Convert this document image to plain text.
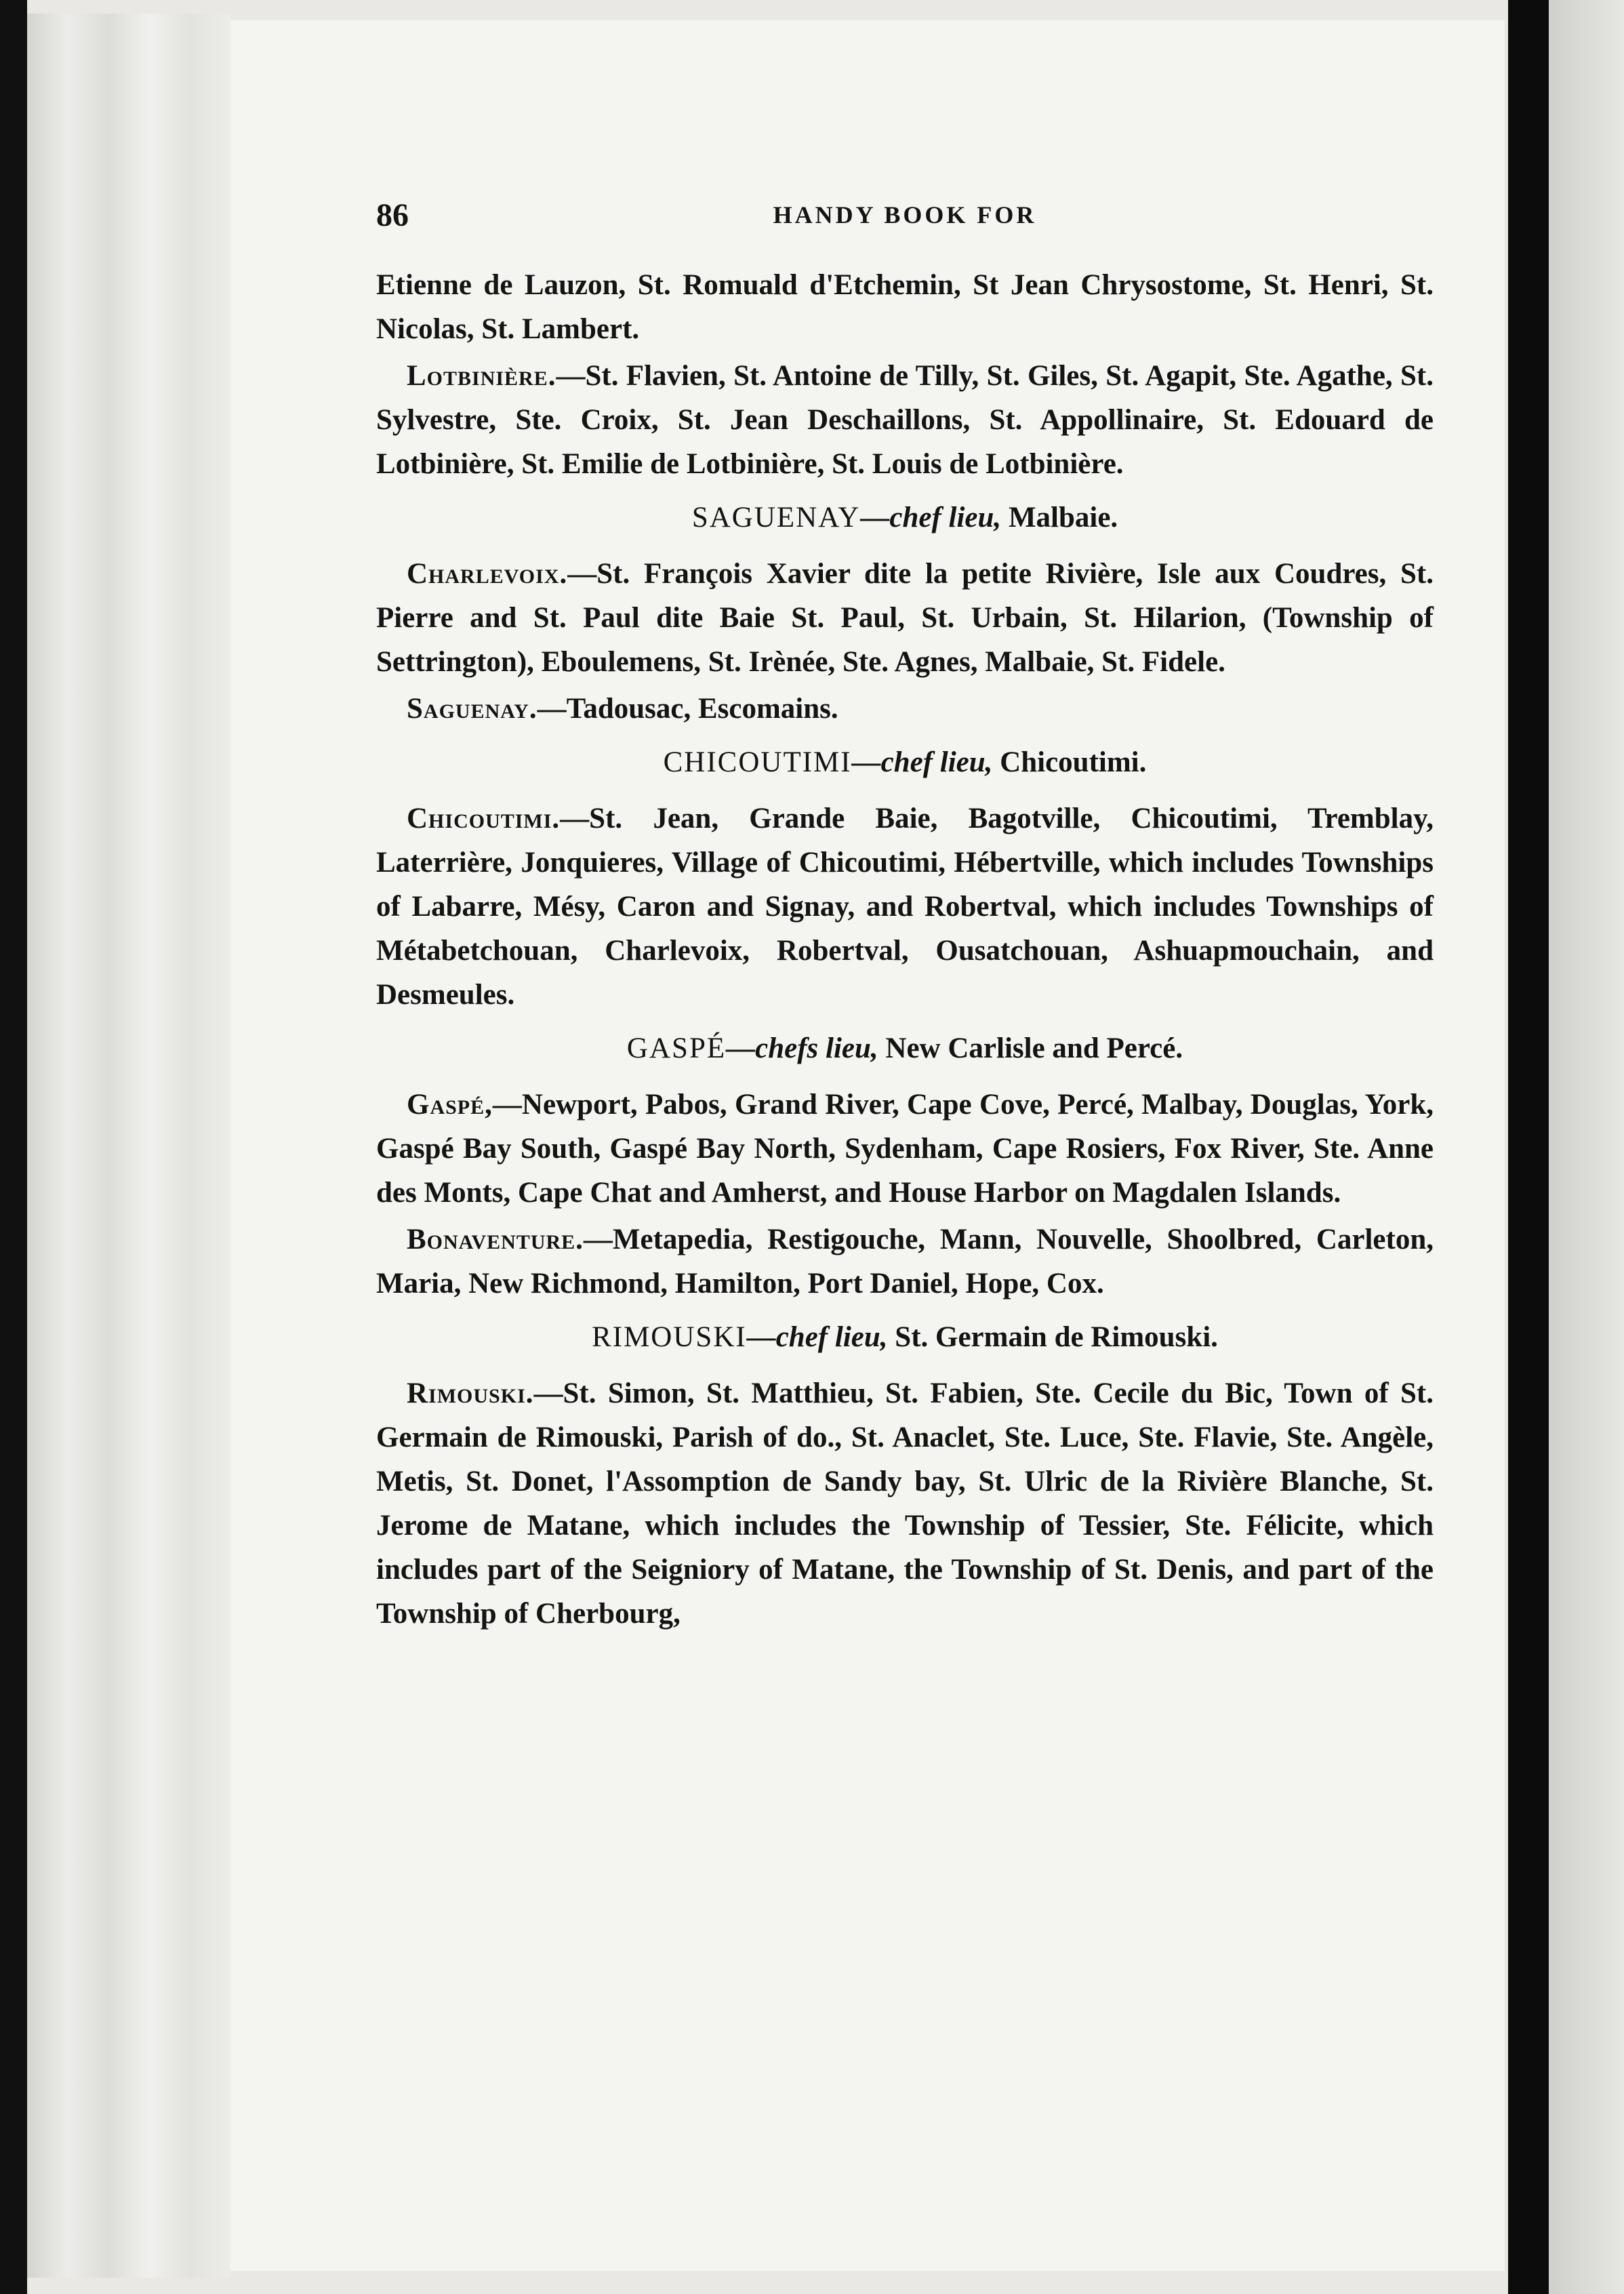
86	HANDY BOOK FOR

Etienne de Lauzon, St. Romuald d'Etchemin, St Jean Chrysostome, St. Henri, St. Nicolas, St. Lambert.

Lotbinière.—St. Flavien, St. Antoine de Tilly, St. Giles, St. Agapit, Ste. Agathe, St. Sylvestre, Ste. Croix, St. Jean Deschaillons, St. Appollinaire, St. Edouard de Lotbinière, St. Emilie de Lotbinière, St. Louis de Lotbinière.

SAGUENAY—chef lieu, Malbaie.

Charlevoix.—St. François Xavier dite la petite Rivière, Isle aux Coudres, St. Pierre and St. Paul dite Baie St. Paul, St. Urbain, St. Hilarion, (Township of Settrington), Eboulemens, St. Irènée, Ste. Agnes, Malbaie, St. Fidele.

Saguenay.—Tadousac, Escomains.

CHICOUTIMI—chef lieu, Chicoutimi.

Chicoutimi.—St. Jean, Grande Baie, Bagotville, Chicoutimi, Tremblay, Laterrière, Jonquieres, Village of Chicoutimi, Hébertville, which includes Townships of Labarre, Mésy, Caron and Signay, and Robertval, which includes Townships of Métabetchouan, Charlevoix, Robertval, Ousatchouan, Ashuapmouchain, and Desmeules.

GASPÉ—chefs lieu, New Carlisle and Percé.

Gaspé,—Newport, Pabos, Grand River, Cape Cove, Percé, Malbay, Douglas, York, Gaspé Bay South, Gaspé Bay North, Sydenham, Cape Rosiers, Fox River, Ste. Anne des Monts, Cape Chat and Amherst, and House Harbor on Magdalen Islands.

Bonaventure.—Metapedia, Restigouche, Mann, Nouvelle, Shoolbred, Carleton, Maria, New Richmond, Hamilton, Port Daniel, Hope, Cox.

RIMOUSKI—chef lieu, St. Germain de Rimouski.

Rimouski.—St. Simon, St. Matthieu, St. Fabien, Ste. Cecile du Bic, Town of St. Germain de Rimouski, Parish of do., St. Anaclet, Ste. Luce, Ste. Flavie, Ste. Angèle, Metis, St. Donet, l'Assomption de Sandy bay, St. Ulric de la Rivière Blanche, St. Jerome de Matane, which includes the Township of Tessier, Ste. Félicite, which includes part of the Seigniory of Matane, the Township of St. Denis, and part of the Township of Cherbourg,
